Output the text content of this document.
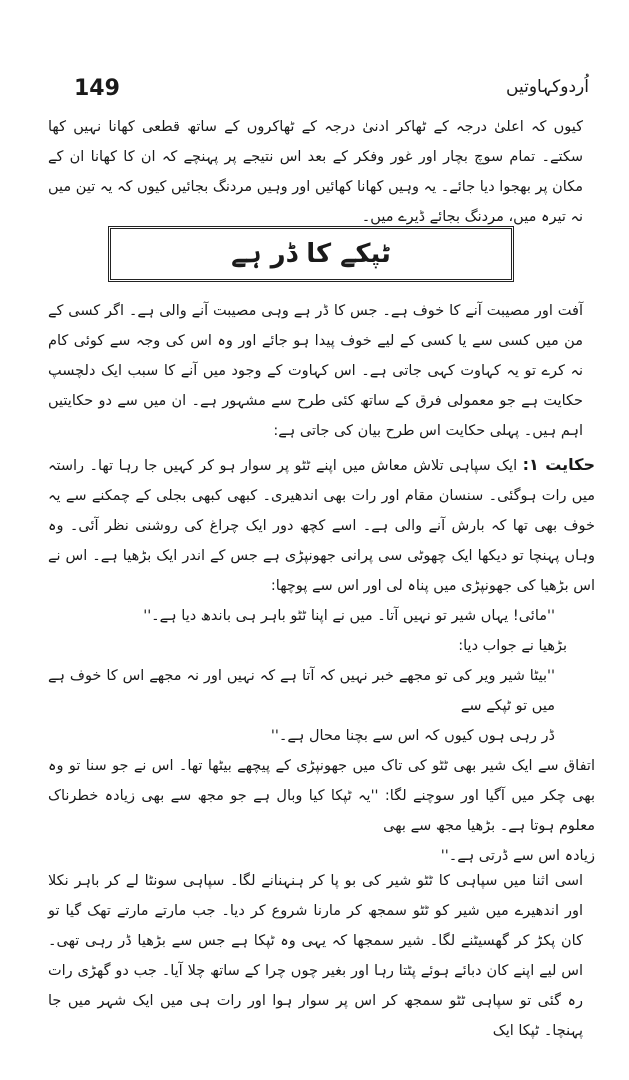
149	اُردوکہاوتیں

کیوں کہ اعلیٰ درجہ کے ٹھاکر ادنیٰ درجہ کے ٹھاکروں کے ساتھ قطعی کھانا نہیں کھا سکتے۔ تمام سوچ بچار اور غور وفکر کے بعد اس نتیجے پر پہنچے کہ ان کا کھانا ان کے مکان پر بھجوا دیا جائے۔ یہ وہیں کھانا کھائیں اور وہیں مردنگ بجائیں کیوں کہ یہ تین میں نہ تیرہ میں، مردنگ بجائے ڈیرے میں۔

ٹپکے کا ڈر ہے

آفت اور مصیبت آنے کا خوف ہے۔ جس کا ڈر ہے وہی مصیبت آنے والی ہے۔ اگر کسی کے من میں کسی سے یا کسی کے لیے خوف پیدا ہو جائے اور وہ اس کی وجہ سے کوئی کام نہ کرے تو یہ کہاوت کہی جاتی ہے۔ اس کہاوت کے وجود میں آنے کا سبب ایک دلچسپ حکایت ہے جو معمولی فرق کے ساتھ کئی طرح سے مشہور ہے۔ ان میں سے دو حکایتیں اہم ہیں۔ پہلی حکایت اس طرح بیان کی جاتی ہے:

حکایت ۱: ایک سپاہی تلاش معاش میں اپنے ٹٹو پر سوار ہو کر کہیں جا رہا تھا۔ راستہ میں رات ہوگئی۔ سنسان مقام اور رات بھی اندھیری۔ کبھی کبھی بجلی کے چمکنے سے یہ خوف بھی تھا کہ بارش آنے والی ہے۔ اسے کچھ دور ایک چراغ کی روشنی نظر آئی۔ وہ وہاں پہنچا تو دیکھا ایک چھوٹی سی پرانی جھونپڑی ہے جس کے اندر ایک بڑھیا ہے۔ اس نے اس بڑھیا کی جھونپڑی میں پناہ لی اور اس سے پوچھا:

''مائی! یہاں شیر تو نہیں آتا۔ میں نے اپنا ٹٹو باہر ہی باندھ دیا ہے۔''

بڑھیا نے جواب دیا:

''بیٹا شیر ویر کی تو مجھے خبر نہیں کہ آتا ہے کہ نہیں اور نہ مجھے اس کا خوف ہے میں تو ٹپکے سے

ڈر رہی ہوں کیوں کہ اس سے بچنا محال ہے۔''

اتفاق سے ایک شیر بھی ٹٹو کی تاک میں جھونپڑی کے پیچھے بیٹھا تھا۔ اس نے جو سنا تو وہ بھی چکر میں آگیا اور سوچنے لگا: ''یہ ٹپکا کیا وبال ہے جو مجھ سے بھی زیادہ خطرناک معلوم ہوتا ہے۔ بڑھیا مجھ سے بھی

زیادہ اس سے ڈرتی ہے۔''

اسی اثنا میں سپاہی کا ٹٹو شیر کی بو پا کر ہنہنانے لگا۔ سپاہی سونٹا لے کر باہر نکلا اور اندھیرے میں شیر کو ٹٹو سمجھ کر مارنا شروع کر دیا۔ جب مارتے مارتے تھک گیا تو کان پکڑ کر گھسیٹنے لگا۔ شیر سمجھا کہ یہی وہ ٹپکا ہے جس سے بڑھیا ڈر رہی تھی۔ اس لیے اپنے کان دبائے ہوئے پٹتا رہا اور بغیر چوں چرا کے ساتھ چلا آیا۔ جب دو گھڑی رات رہ گئی تو سپاہی ٹٹو سمجھ کر اس پر سوار ہوا اور رات ہی میں ایک شہر میں جا پہنچا۔ ٹپکا ایک
